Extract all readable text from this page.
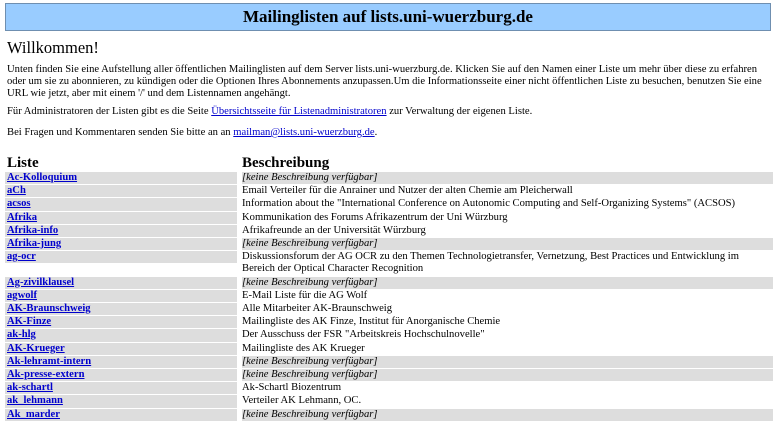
Mailinglisten auf lists.uni-wuerzburg.de
Willkommen!

Unten finden Sie eine Aufstellung aller öffentlichen Mailinglisten auf dem Server lists.uni-wuerzburg.de. Klicken Sie auf den Namen einer Liste um mehr über diese zu erfahren oder um sie zu abonnieren, zu kündigen oder die Optionen Ihres Abonnements anzupassen.Um die Informationsseite einer nicht öffentlichen Liste zu besuchen, benutzen Sie eine URL wie jetzt, aber mit einem '/' und dem Listennamen angehängt.

Für Administratoren der Listen gibt es die Seite Übersichtsseite für Listenadministratoren zur Verwaltung der eigenen Liste.

Bei Fragen und Kommentaren senden Sie bitte an an mailman@lists.uni-wuerzburg.de.

Liste	Beschreibung
Ac-Kolloquium	[keine Beschreibung verfügbar]
aCh	Email Verteiler für die Anrainer und Nutzer der alten Chemie am Pleicherwall
acsos	Information about the "International Conference on Autonomic Computing and Self-Organizing Systems" (ACSOS)
Afrika	Kommunikation des Forums Afrikazentrum der Uni Würzburg
Afrika-info	Afrikafreunde an der Universität Würzburg
Afrika-jung	[keine Beschreibung verfügbar]
ag-ocr	Diskussionsforum der AG OCR zu den Themen Technologietransfer, Vernetzung, Best Practices und Entwicklung im Bereich der Optical Character Recognition
Ag-zivilklausel	[keine Beschreibung verfügbar]
agwolf	E-Mail Liste für die AG Wolf
AK-Braunschweig	Alle Mitarbeiter AK-Braunschweig
AK-Finze	Mailingliste des AK Finze, Institut für Anorganische Chemie
ak-hlg	Der Ausschuss der FSR "Arbeitskreis Hochschulnovelle"
AK-Krueger	Mailingliste des AK Krueger
Ak-lehramt-intern	[keine Beschreibung verfügbar]
Ak-presse-extern	[keine Beschreibung verfügbar]
ak-schartl	Ak-Schartl Biozentrum
ak_lehmann	Verteiler AK Lehmann, OC.
Ak_marder	[keine Beschreibung verfügbar]
